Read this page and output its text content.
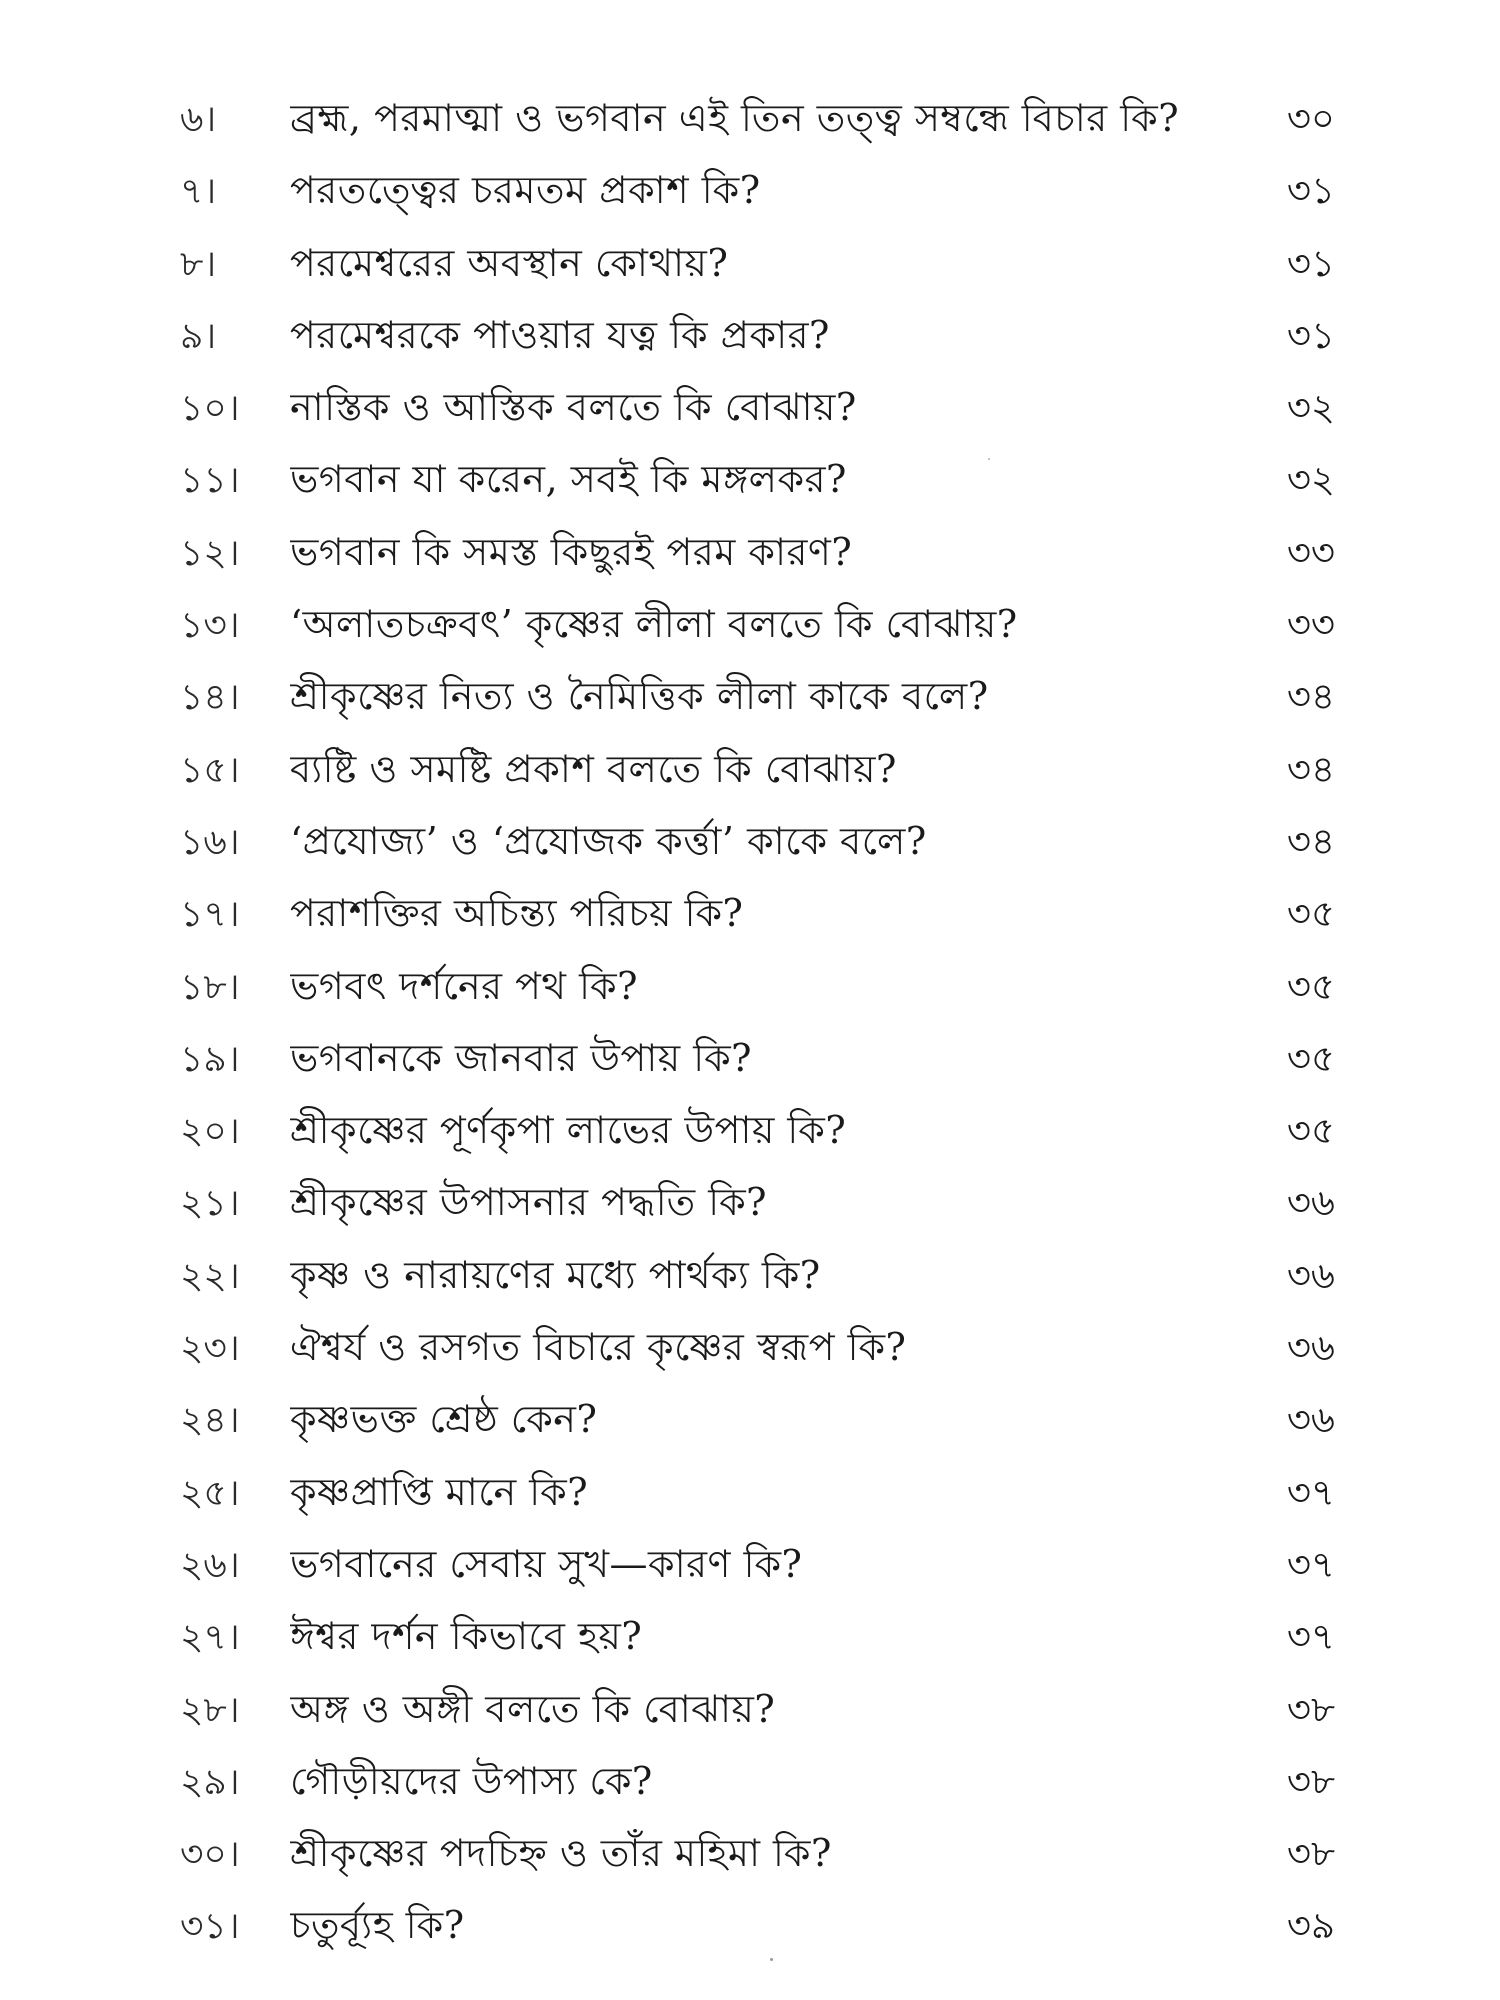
৬।	ব্রহ্ম, পরমাত্মা ও ভগবান এই তিন তত্ত্ব সম্বন্ধে বিচার কি?	৩০
৭।	পরতত্ত্বের চরমতম প্রকাশ কি?	৩১
৮।	পরমেশ্বরের অবস্থান কোথায়?	৩১
৯।	পরমেশ্বরকে পাওয়ার যত্ন কি প্রকার?	৩১
১০।	নাস্তিক ও আস্তিক বলতে কি বোঝায়?	৩২
১১।	ভগবান যা করেন, সবই কি মঙ্গলকর?	৩২
১২।	ভগবান কি সমস্ত কিছুরই পরম কারণ?	৩৩
১৩।	‘অলাতচক্রবৎ’ কৃষ্ণের লীলা বলতে কি বোঝায়?	৩৩
১৪।	শ্রীকৃষ্ণের নিত্য ও নৈমিত্তিক লীলা কাকে বলে?	৩৪
১৫।	ব্যষ্টি ও সমষ্টি প্রকাশ বলতে কি বোঝায়?	৩৪
১৬।	‘প্রযোজ্য’ ও ‘প্রযোজক কর্ত্তা’ কাকে বলে?	৩৪
১৭।	পরাশক্তির অচিন্ত্য পরিচয় কি?	৩৫
১৮।	ভগবৎ দর্শনের পথ কি?	৩৫
১৯।	ভগবানকে জানবার উপায় কি?	৩৫
২০।	শ্রীকৃষ্ণের পূর্ণকৃপা লাভের উপায় কি?	৩৫
২১।	শ্রীকৃষ্ণের উপাসনার পদ্ধতি কি?	৩৬
২২।	কৃষ্ণ ও নারায়ণের মধ্যে পার্থক্য কি?	৩৬
২৩।	ঐশ্বর্য ও রসগত বিচারে কৃষ্ণের স্বরূপ কি?	৩৬
২৪।	কৃষ্ণভক্ত শ্রেষ্ঠ কেন?	৩৬
২৫।	কৃষ্ণপ্রাপ্তি মানে কি?	৩৭
২৬।	ভগবানের সেবায় সুখ—কারণ কি?	৩৭
২৭।	ঈশ্বর দর্শন কিভাবে হয়?	৩৭
২৮।	অঙ্গ ও অঙ্গী বলতে কি বোঝায়?	৩৮
২৯।	গৌড়ীয়দের উপাস্য কে?	৩৮
৩০।	শ্রীকৃষ্ণের পদচিহ্ন ও তাঁর মহিমা কি?	৩৮
৩১।	চতুর্ব্যূহ কি?	৩৯
